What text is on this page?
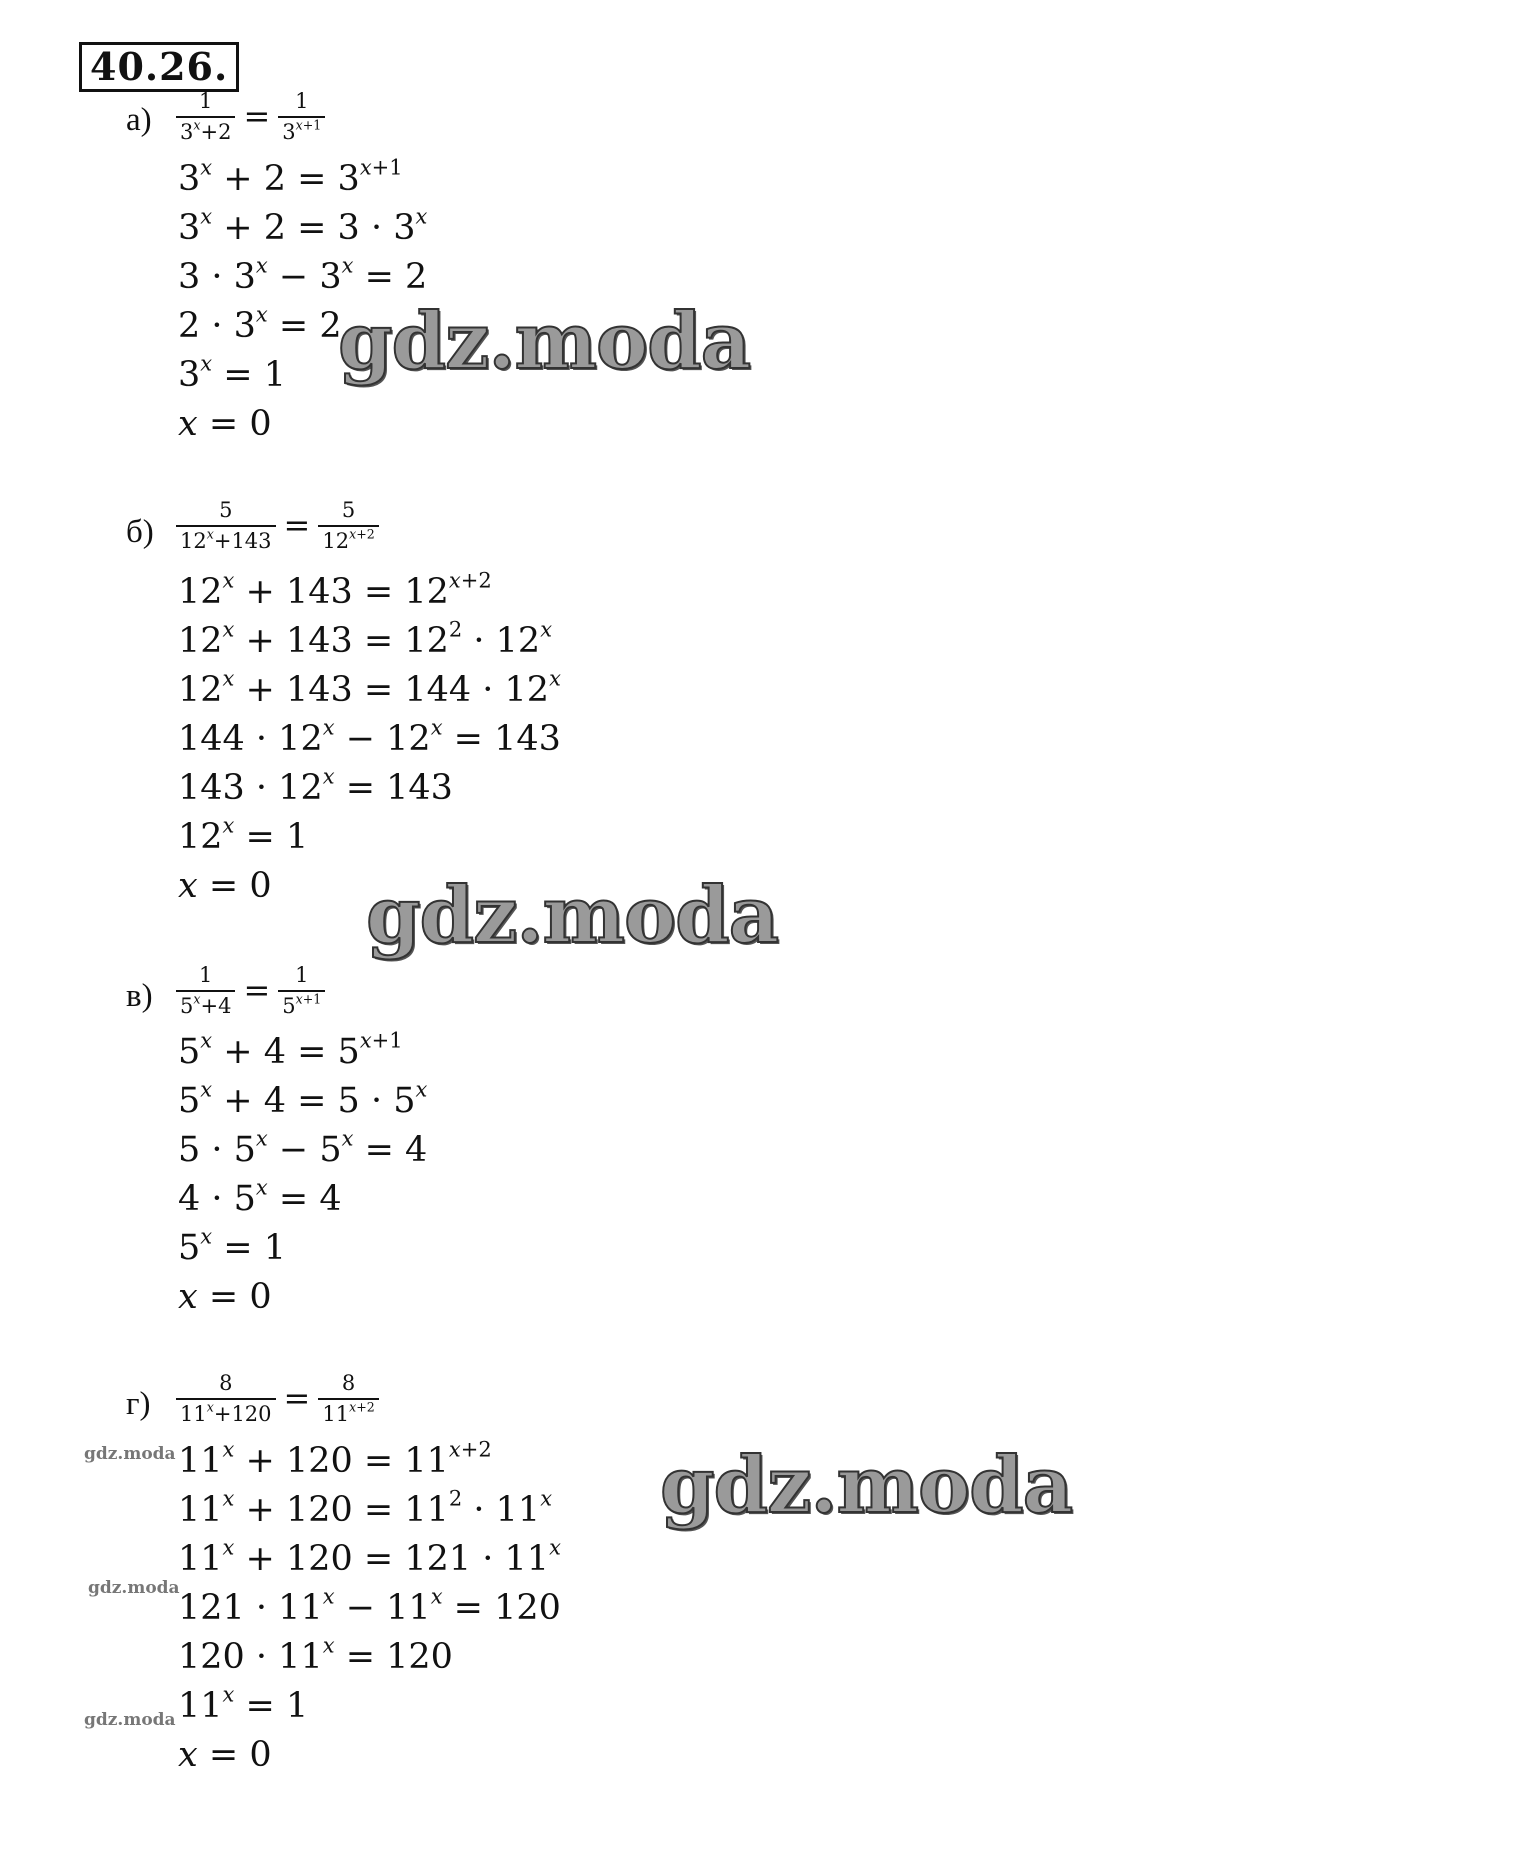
40.26.
$а) \frac{1}{3^x+2} = \frac{1}{3^{x+1}}$
$3^x + 2 = 3^{x+1}$
$3^x + 2 = 3 \cdot 3^x$
$3 \cdot 3^x - 3^x = 2$
$2 \cdot 3^x = 2$
$3^x = 1$
x = 0
$б) \frac{5}{12^x+143} = \frac{5}{12^{x+2}}$
$12^x + 143 = 12^{x+2}$
$12^x + 143 = 12^2 \cdot 12^x$
$12^x + 143 = 144 \cdot 12^x$
$144 \cdot 12^x - 12^x = 143$
$143 \cdot 12^x = 143$
$12^x = 1$
x = 0
$в) \frac{1}{5^x+4} = \frac{1}{5^{x+1}}$
$5^x + 4 = 5^{x+1}$
$5^x + 4 = 5 \cdot 5^x$
$5 \cdot 5^x - 5^x = 4$
$4 \cdot 5^x = 4$
$5^x = 1$
x = 0
$г) \frac{8}{11^x+120} = \frac{8}{11^{x+2}}$
$11^x + 120 = 11^{x+2}$
$11^x + 120 = 11^2 \cdot 11^x$
$11^x + 120 = 121 \cdot 11^x$
$121 \cdot 11^x - 11^x = 120$
$120 \cdot 11^x = 120$
$11^x = 1$
x = 0
gdz.moda
gdz.moda
gdz.moda
gdz.moda
gdz.moda
gdz.moda
